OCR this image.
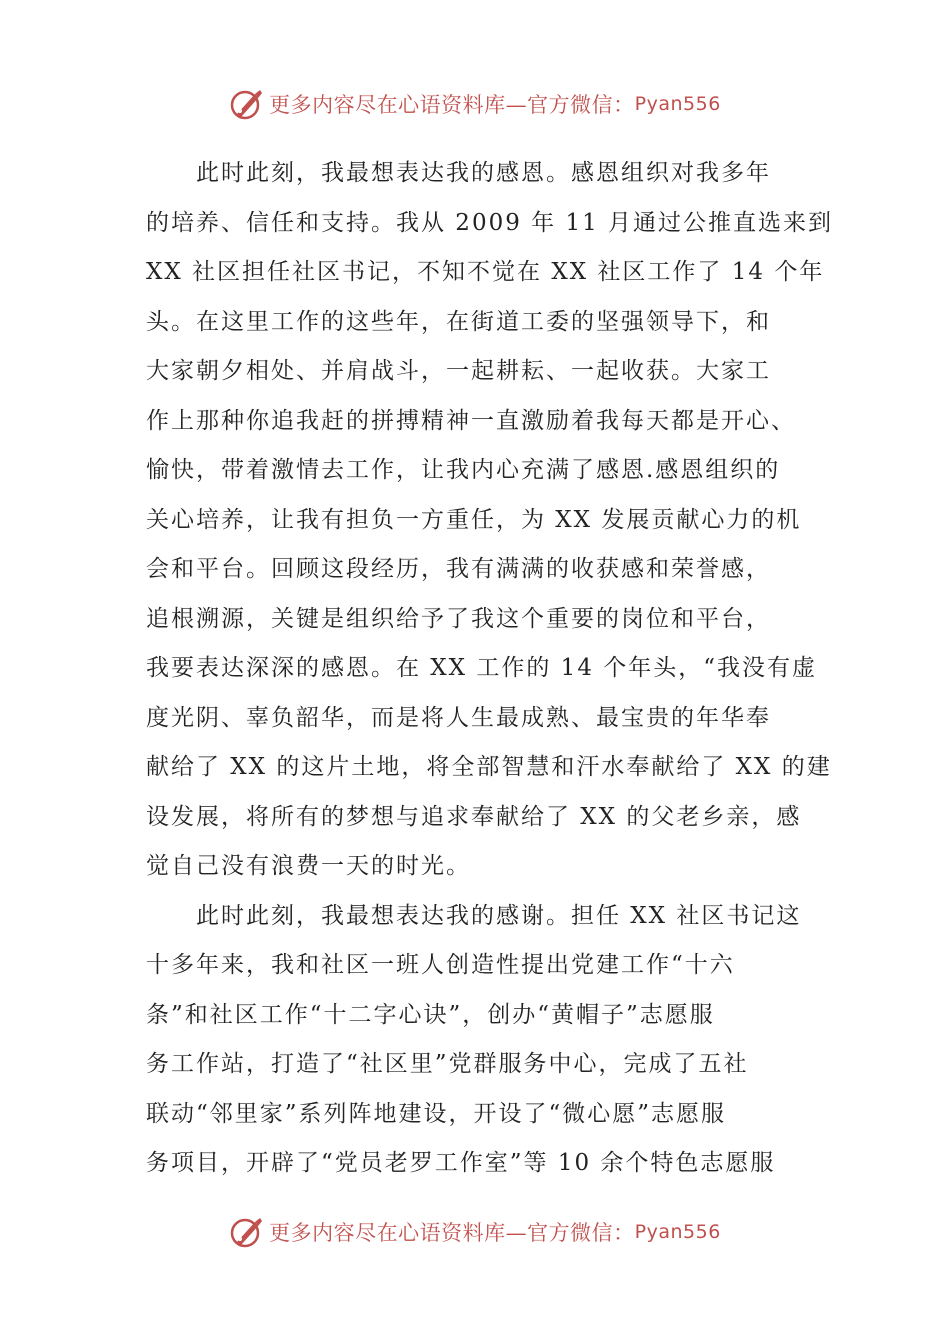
更多内容尽在心语资料库—官方微信： Pyan556
　　此时此刻，我最想表达我的感恩。感恩组织对我多年
的培养、信任和支持。我从 2009 年 11 月通过公推直选来到
XX 社区担任社区书记，不知不觉在 XX 社区工作了 14 个年
头。在这里工作的这些年，在街道工委的坚强领导下，和
大家朝夕相处、并肩战斗，一起耕耘、一起收获。大家工
作上那种你追我赶的拼搏精神一直激励着我每天都是开心、
愉快，带着激情去工作，让我内心充满了感恩.感恩组织的
关心培养，让我有担负一方重任，为 XX 发展贡献心力的机
会和平台。回顾这段经历，我有满满的收获感和荣誉感，
追根溯源，关键是组织给予了我这个重要的岗位和平台，
我要表达深深的感恩。在 XX 工作的 14 个年头，“我没有虚
度光阴、辜负韶华，而是将人生最成熟、最宝贵的年华奉
献给了 XX 的这片土地，将全部智慧和汗水奉献给了 XX 的建
设发展，将所有的梦想与追求奉献给了 XX 的父老乡亲，感
觉自己没有浪费一天的时光。
　　此时此刻，我最想表达我的感谢。担任 XX 社区书记这
十多年来，我和社区一班人创造性提出党建工作“十六
条”和社区工作“十二字心诀”，创办“黄帽子”志愿服
务工作站，打造了“社区里”党群服务中心，完成了五社
联动“邻里家”系列阵地建设，开设了“微心愿”志愿服
务项目，开辟了“党员老罗工作室”等 10 余个特色志愿服
更多内容尽在心语资料库—官方微信： Pyan556
